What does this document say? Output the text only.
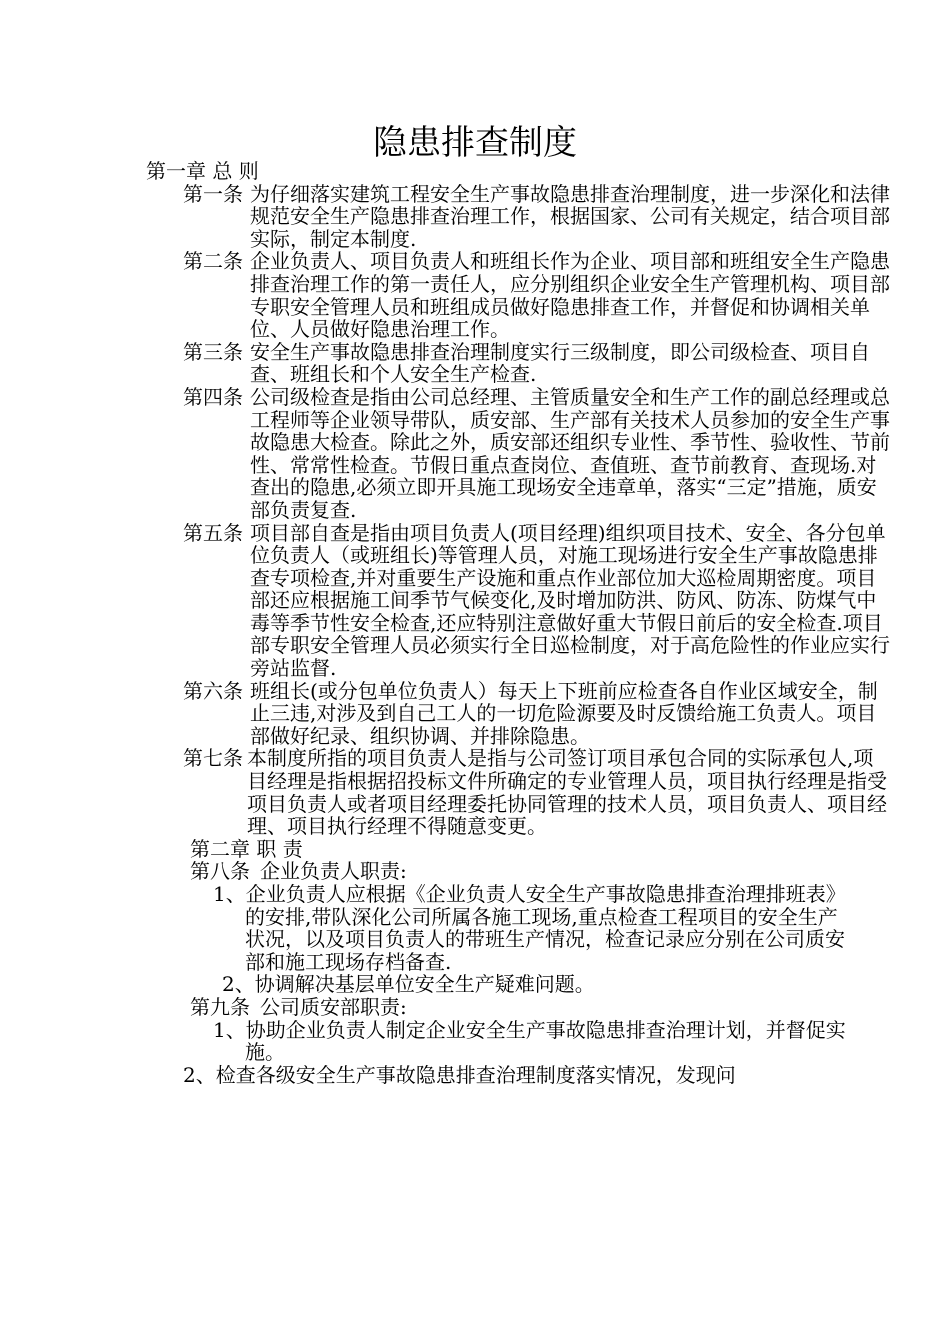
隐患排查制度
第一章 总 则
第一条 为仔细落实建筑工程安全生产事故隐患排查治理制度，进一步深化和法律规范安全生产隐患排查治理工作，根据国家、公司有关规定，结合项目部实际，制定本制度.
第二条 企业负责人、项目负责人和班组长作为企业、项目部和班组安全生产隐患排查治理工作的第一责任人，应分别组织企业安全生产管理机构、项目部专职安全管理人员和班组成员做好隐患排查工作，并督促和协调相关单位、人员做好隐患治理工作。
第三条 安全生产事故隐患排查治理制度实行三级制度，即公司级检查、项目自查、班组长和个人安全生产检查.
第四条 公司级检查是指由公司总经理、主管质量安全和生产工作的副总经理或总工程师等企业领导带队，质安部、生产部有关技术人员参加的安全生产事故隐患大检查。除此之外，质安部还组织专业性、季节性、验收性、节前性、常常性检查。节假日重点查岗位、查值班、查节前教育、查现场.对查出的隐患,必须立即开具施工现场安全违章单，落实“三定”措施，质安部负责复查.
第五条 项目部自查是指由项目负责人(项目经理)组织项目技术、安全、各分包单位负责人（或班组长)等管理人员，对施工现场进行安全生产事故隐患排查专项检查,并对重要生产设施和重点作业部位加大巡检周期密度。项目部还应根据施工间季节气候变化,及时增加防洪、防风、防冻、防煤气中毒等季节性安全检查,还应特别注意做好重大节假日前后的安全检查.项目部专职安全管理人员必须实行全日巡检制度，对于高危险性的作业应实行旁站监督.
第六条 班组长(或分包单位负责人）每天上下班前应检查各自作业区域安全，制止三违,对涉及到自己工人的一切危险源要及时反馈给施工负责人。项目部做好纪录、组织协调、并排除隐患。
第七条 本制度所指的项目负责人是指与公司签订项目承包合同的实际承包人,项目经理是指根据招投标文件所确定的专业管理人员，项目执行经理是指受项目负责人或者项目经理委托协同管理的技术人员，项目负责人、项目经理、项目执行经理不得随意变更。
第二章 职 责
第八条 企业负责人职责:
1、企业负责人应根据《企业负责人安全生产事故隐患排查治理排班表》的安排,带队深化公司所属各施工现场,重点检查工程项目的安全生产状况，以及项目负责人的带班生产情况，检查记录应分别在公司质安部和施工现场存档备查.
2、协调解决基层单位安全生产疑难问题。
第九条 公司质安部职责:
1、协助企业负责人制定企业安全生产事故隐患排查治理计划，并督促实施。
2、检查各级安全生产事故隐患排查治理制度落实情况，发现问
